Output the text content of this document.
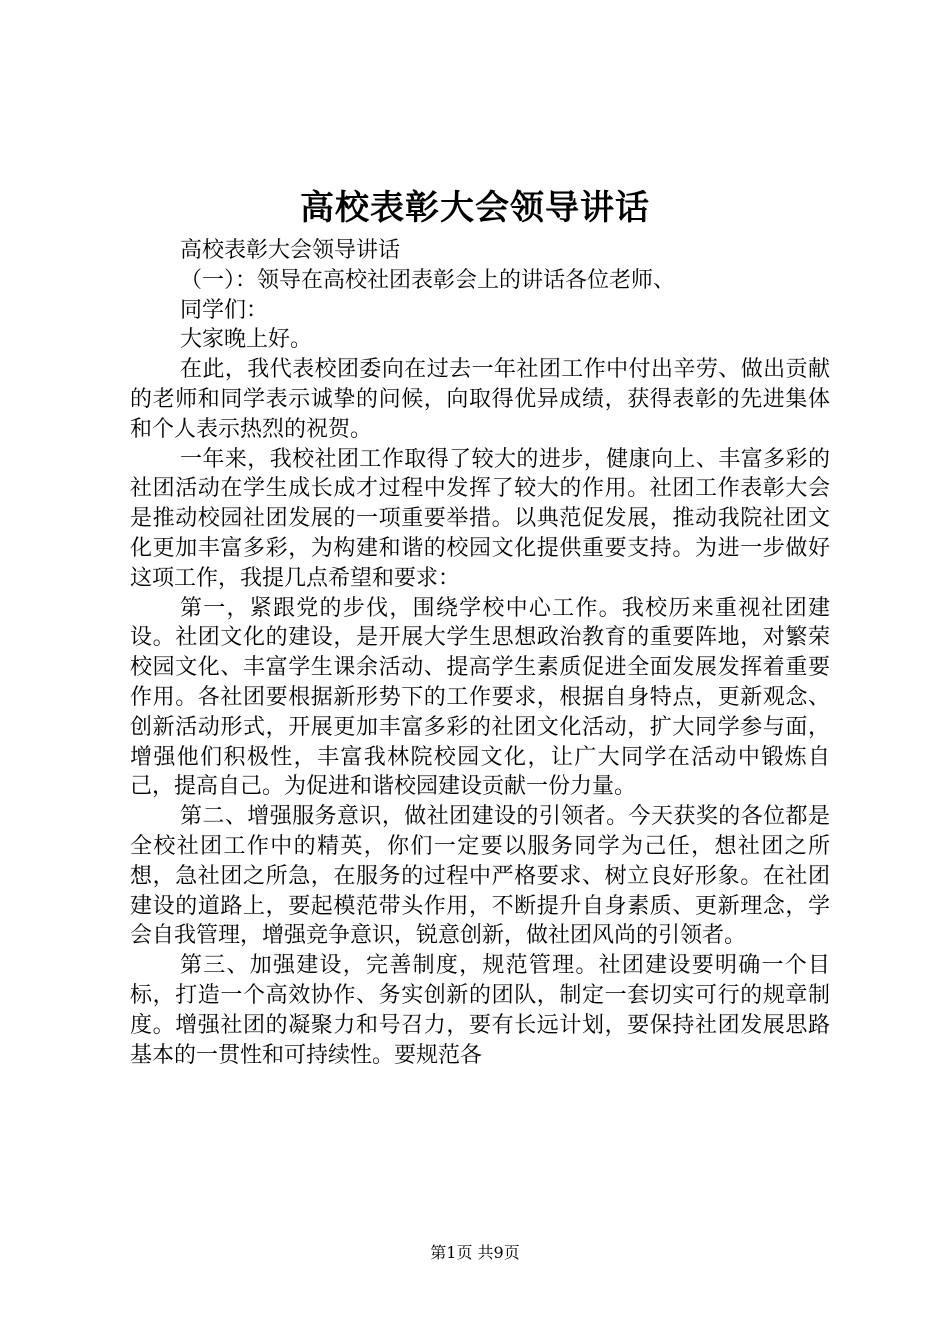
高校表彰大会领导讲话

高校表彰大会领导讲话

（一）：领导在高校社团表彰会上的讲话各位老师、

同学们：

大家晚上好。

在此，我代表校团委向在过去一年社团工作中付出辛劳、做出贡献的老师和同学表示诚挚的问候，向取得优异成绩，获得表彰的先进集体和个人表示热烈的祝贺。

一年来，我校社团工作取得了较大的进步，健康向上、丰富多彩的社团活动在学生成长成才过程中发挥了较大的作用。社团工作表彰大会是推动校园社团发展的一项重要举措。以典范促发展，推动我院社团文化更加丰富多彩，为构建和谐的校园文化提供重要支持。为进一步做好这项工作，我提几点希望和要求：

第一，紧跟党的步伐，围绕学校中心工作。我校历来重视社团建设。社团文化的建设，是开展大学生思想政治教育的重要阵地，对繁荣校园文化、丰富学生课余活动、提高学生素质促进全面发展发挥着重要作用。各社团要根据新形势下的工作要求，根据自身特点，更新观念、创新活动形式，开展更加丰富多彩的社团文化活动，扩大同学参与面，增强他们积极性，丰富我林院校园文化，让广大同学在活动中锻炼自己，提高自己。为促进和谐校园建设贡献一份力量。

第二、增强服务意识，做社团建设的引领者。今天获奖的各位都是全校社团工作中的精英，你们一定要以服务同学为己任，想社团之所想，急社团之所急，在服务的过程中严格要求、树立良好形象。在社团建设的道路上，要起模范带头作用，不断提升自身素质、更新理念，学会自我管理，增强竞争意识，锐意创新，做社团风尚的引领者。

第三、加强建设，完善制度，规范管理。社团建设要明确一个目标，打造一个高效协作、务实创新的团队，制定一套切实可行的规章制度。增强社团的凝聚力和号召力，要有长远计划，要保持社团发展思路基本的一贯性和可持续性。要规范各

第1页 共9页
